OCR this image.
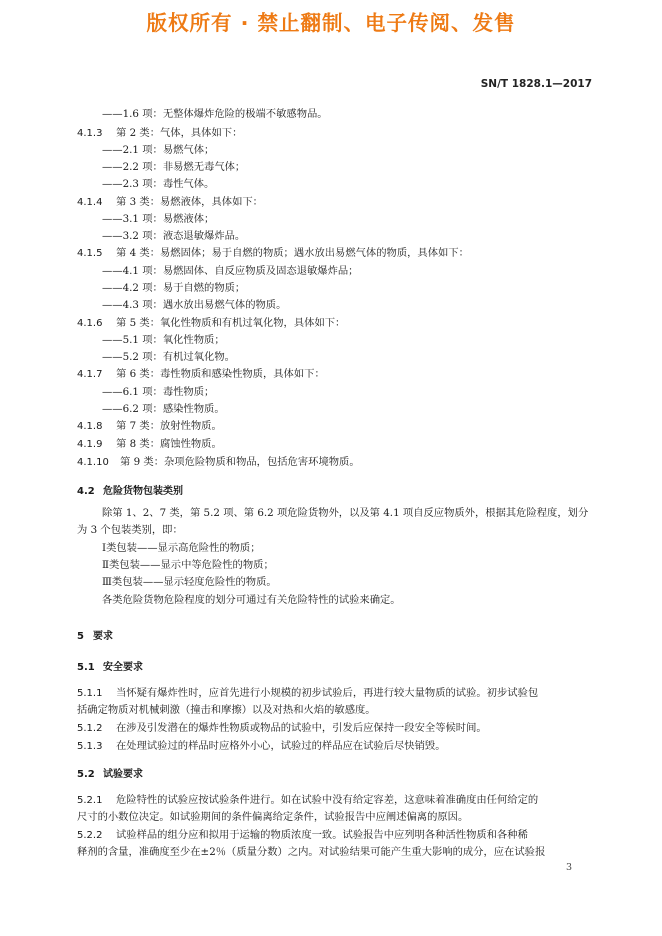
版权所有 · 禁止翻制、电子传阅、发售
SN/T 1828.1—2017
——1.6 项：无整体爆炸危险的极端不敏感物品。
4.1.3 第 2 类：气体，具体如下：
——2.1 项：易燃气体；
——2.2 项：非易燃无毒气体；
——2.3 项：毒性气体。
4.1.4 第 3 类：易燃液体，具体如下：
——3.1 项：易燃液体；
——3.2 项：液态退敏爆炸品。
4.1.5 第 4 类：易燃固体；易于自燃的物质；遇水放出易燃气体的物质，具体如下：
——4.1 项：易燃固体、自反应物质及固态退敏爆炸品；
——4.2 项：易于自燃的物质；
——4.3 项：遇水放出易燃气体的物质。
4.1.6 第 5 类：氧化性物质和有机过氧化物，具体如下：
——5.1 项：氧化性物质；
——5.2 项：有机过氧化物。
4.1.7 第 6 类：毒性物质和感染性物质，具体如下：
——6.1 项：毒性物质；
——6.2 项：感染性物质。
4.1.8 第 7 类：放射性物质。
4.1.9 第 8 类：腐蚀性物质。
4.1.10 第 9 类：杂项危险物质和物品，包括危害环境物质。
4.2 危险货物包装类别
除第 1、2、7 类，第 5.2 项、第 6.2 项危险货物外，以及第 4.1 项自反应物质外，根据其危险程度，划分
为 3 个包装类别，即：
Ⅰ类包装——显示高危险性的物质；
Ⅱ类包装——显示中等危险性的物质；
Ⅲ类包装——显示轻度危险性的物质。
各类危险货物危险程度的划分可通过有关危险特性的试验来确定。
5 要求
5.1 安全要求
5.1.1 当怀疑有爆炸性时，应首先进行小规模的初步试验后，再进行较大量物质的试验。初步试验包
括确定物质对机械刺激（撞击和摩擦）以及对热和火焰的敏感度。
5.1.2 在涉及引发潜在的爆炸性物质或物品的试验中，引发后应保持一段安全等候时间。
5.1.3 在处理试验过的样品时应格外小心，试验过的样品应在试验后尽快销毁。
5.2 试验要求
5.2.1 危险特性的试验应按试验条件进行。如在试验中没有给定容差，这意味着准确度由任何给定的
尺寸的小数位决定。如试验期间的条件偏离给定条件，试验报告中应阐述偏离的原因。
5.2.2 试验样品的组分应和拟用于运输的物质浓度一致。试验报告中应列明各种活性物质和各种稀
释剂的含量，准确度至少在±2％（质量分数）之内。对试验结果可能产生重大影响的成分，应在试验报
3
